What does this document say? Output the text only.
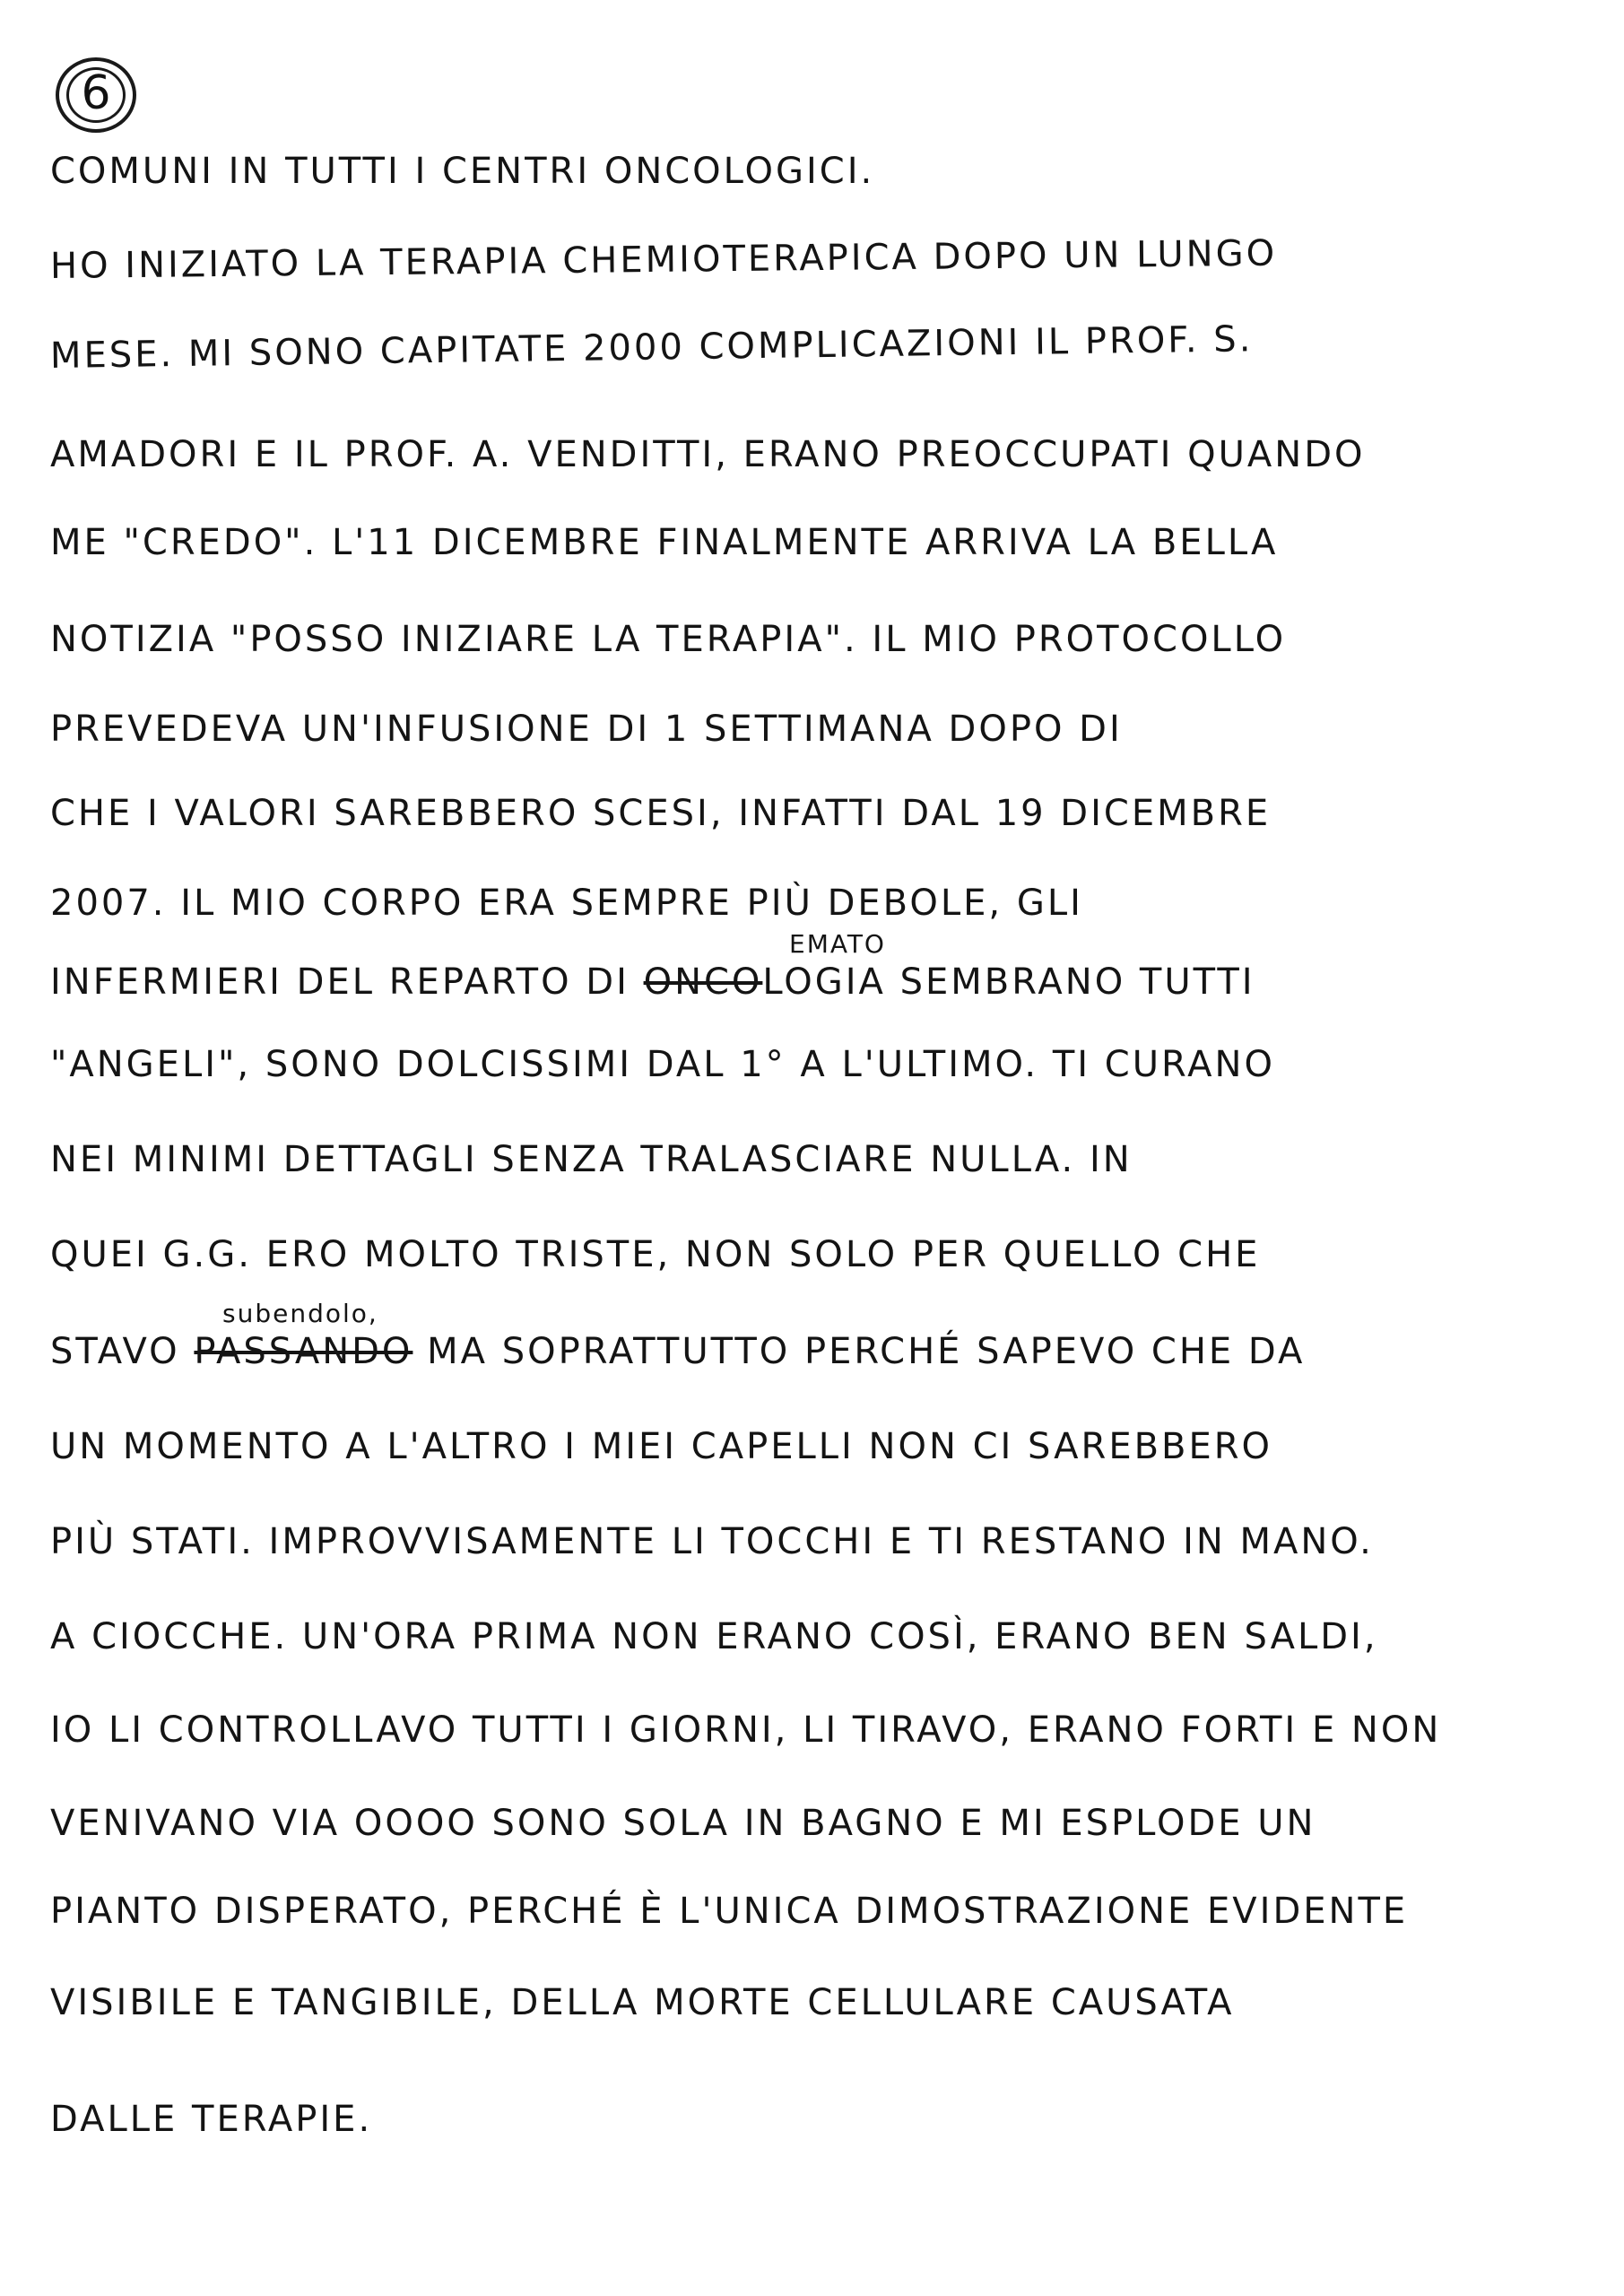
6
COMUNI IN TUTTI I CENTRI ONCOLOGICI.
HO INIZIATO LA TERAPIA CHEMIOTERAPICA DOPO UN LUNGO
MESE. MI SONO CAPITATE 2000 COMPLICAZIONI IL PROF. S.
AMADORI E IL PROF. A. VENDITTI, ERANO PREOCCUPATI QUANDO
ME "CREDO". L'11 DICEMBRE FINALMENTE ARRIVA LA BELLA
NOTIZIA "POSSO INIZIARE LA TERAPIA". IL MIO PROTOCOLLO
PREVEDEVA UN'INFUSIONE DI 1 SETTIMANA DOPO DI
CHE I VALORI SAREBBERO SCESI, INFATTI DAL 19 DICEMBRE
2007. IL MIO CORPO ERA SEMPRE PIÙ DEBOLE, GLI
INFERMIERI DEL REPARTO DI ONCOLOGIA SEMBRANO TUTTI
EMATO
"ANGELI", SONO DOLCISSIMI DAL 1° A L'ULTIMO. TI CURANO
NEI MINIMI DETTAGLI SENZA TRALASCIARE NULLA. IN
QUEI G.G. ERO MOLTO TRISTE, NON SOLO PER QUELLO CHE
STAVO PASSANDO MA SOPRATTUTTO PERCHÉ SAPEVO CHE DA
subendolo,
UN MOMENTO A L'ALTRO I MIEI CAPELLI NON CI SAREBBERO
PIÙ STATI. IMPROVVISAMENTE LI TOCCHI E TI RESTANO IN MANO.
A CIOCCHE. UN'ORA PRIMA NON ERANO COSÌ, ERANO BEN SALDI,
IO LI CONTROLLAVO TUTTI I GIORNI, LI TIRAVO, ERANO FORTI E NON
VENIVANO VIA OOOO SONO SOLA IN BAGNO E MI ESPLODE UN
PIANTO DISPERATO, PERCHÉ È L'UNICA DIMOSTRAZIONE EVIDENTE
VISIBILE E TANGIBILE, DELLA MORTE CELLULARE CAUSATA
DALLE TERAPIE.
